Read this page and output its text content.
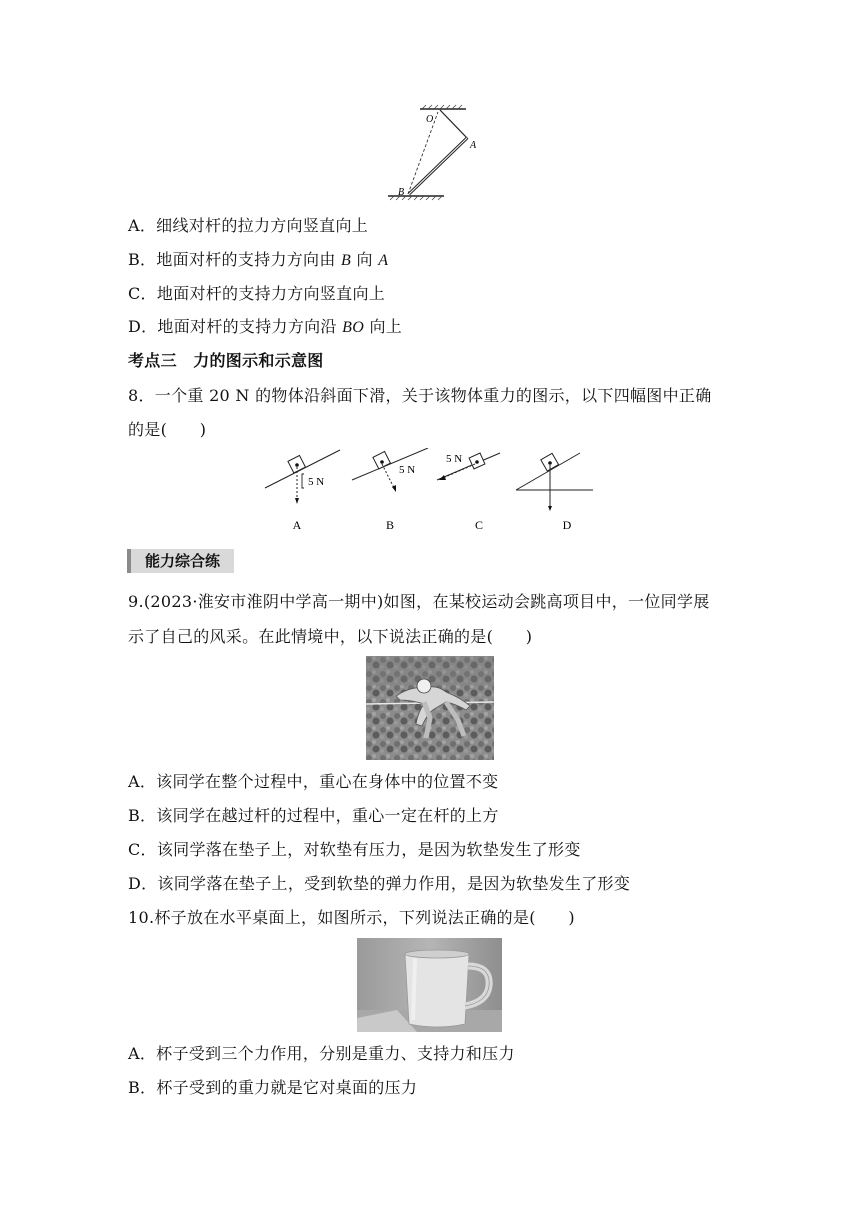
O
A
B
A．细线对杆的拉力方向竖直向上
B．地面对杆的支持力方向由 B 向 A
C．地面对杆的支持力方向竖直向上
D．地面对杆的支持力方向沿 BO 向上
考点三　力的图示和示意图
8．一个重 20 N 的物体沿斜面下滑，关于该物体重力的图示，以下四幅图中正确
的是(　　)
5 N
A
5 N
B
5 N
C	D
能力综合练
9.(2023·淮安市淮阴中学高一期中)如图，在某校运动会跳高项目中，一位同学展
示了自己的风采。在此情境中，以下说法正确的是(　　)
A．该同学在整个过程中，重心在身体中的位置不变
B．该同学在越过杆的过程中，重心一定在杆的上方
C．该同学落在垫子上，对软垫有压力，是因为软垫发生了形变
D．该同学落在垫子上，受到软垫的弹力作用，是因为软垫发生了形变
10.杯子放在水平桌面上，如图所示，下列说法正确的是(　　)
A．杯子受到三个力作用，分别是重力、支持力和压力
B．杯子受到的重力就是它对桌面的压力
